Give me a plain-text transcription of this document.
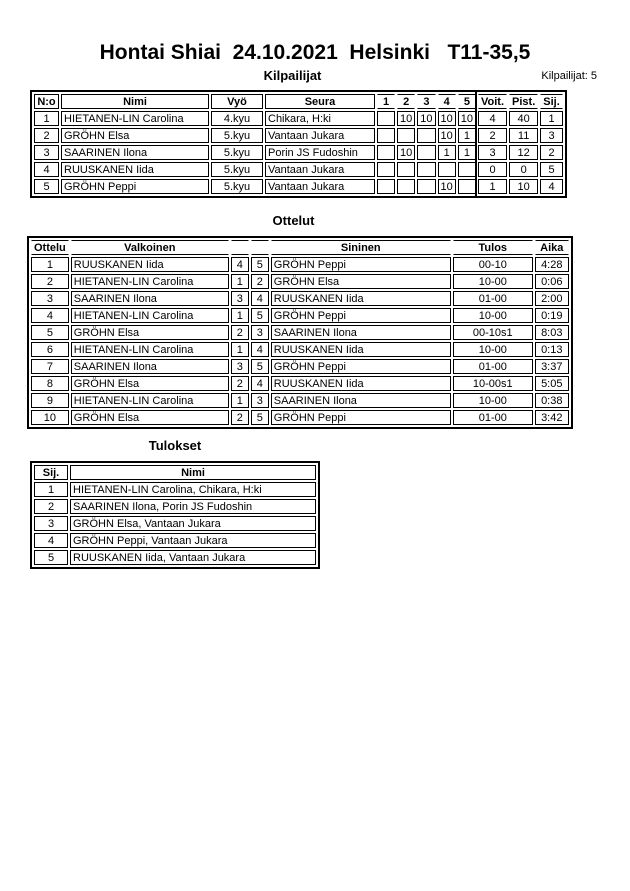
Hontai Shiai  24.10.2021  Helsinki   T11-35,5
Kilpailijat	Kilpailijat: 5
N:o	Nimi	Vyö	Seura	1	2	3	4	5	Voit.	Pist.	Sij.
1	HIETANEN-LIN Carolina	4.kyu	Chikara, H:ki		10	10	10	10	4	40	1
2	GRÖHN Elsa	5.kyu	Vantaan Jukara				10	1	2	11	3
3	SAARINEN Ilona	5.kyu	Porin JS Fudoshin		10		1	1	3	12	2
4	RUUSKANEN Iida	5.kyu	Vantaan Jukara						0	0	5
5	GRÖHN Peppi	5.kyu	Vantaan Jukara				10		1	10	4
Ottelut
Ottelu	Valkoinen			Sininen	Tulos	Aika
1	RUUSKANEN Iida	4	5	GRÖHN Peppi	00-10	4:28
2	HIETANEN-LIN Carolina	1	2	GRÖHN Elsa	10-00	0:06
3	SAARINEN Ilona	3	4	RUUSKANEN Iida	01-00	2:00
4	HIETANEN-LIN Carolina	1	5	GRÖHN Peppi	10-00	0:19
5	GRÖHN Elsa	2	3	SAARINEN Ilona	00-10s1	8:03
6	HIETANEN-LIN Carolina	1	4	RUUSKANEN Iida	10-00	0:13
7	SAARINEN Ilona	3	5	GRÖHN Peppi	01-00	3:37
8	GRÖHN Elsa	2	4	RUUSKANEN Iida	10-00s1	5:05
9	HIETANEN-LIN Carolina	1	3	SAARINEN Ilona	10-00	0:38
10	GRÖHN Elsa	2	5	GRÖHN Peppi	01-00	3:42
Tulokset
Sij.	Nimi
1	HIETANEN-LIN Carolina, Chikara, H:ki
2	SAARINEN Ilona, Porin JS Fudoshin
3	GRÖHN Elsa, Vantaan Jukara
4	GRÖHN Peppi, Vantaan Jukara
5	RUUSKANEN Iida, Vantaan Jukara
